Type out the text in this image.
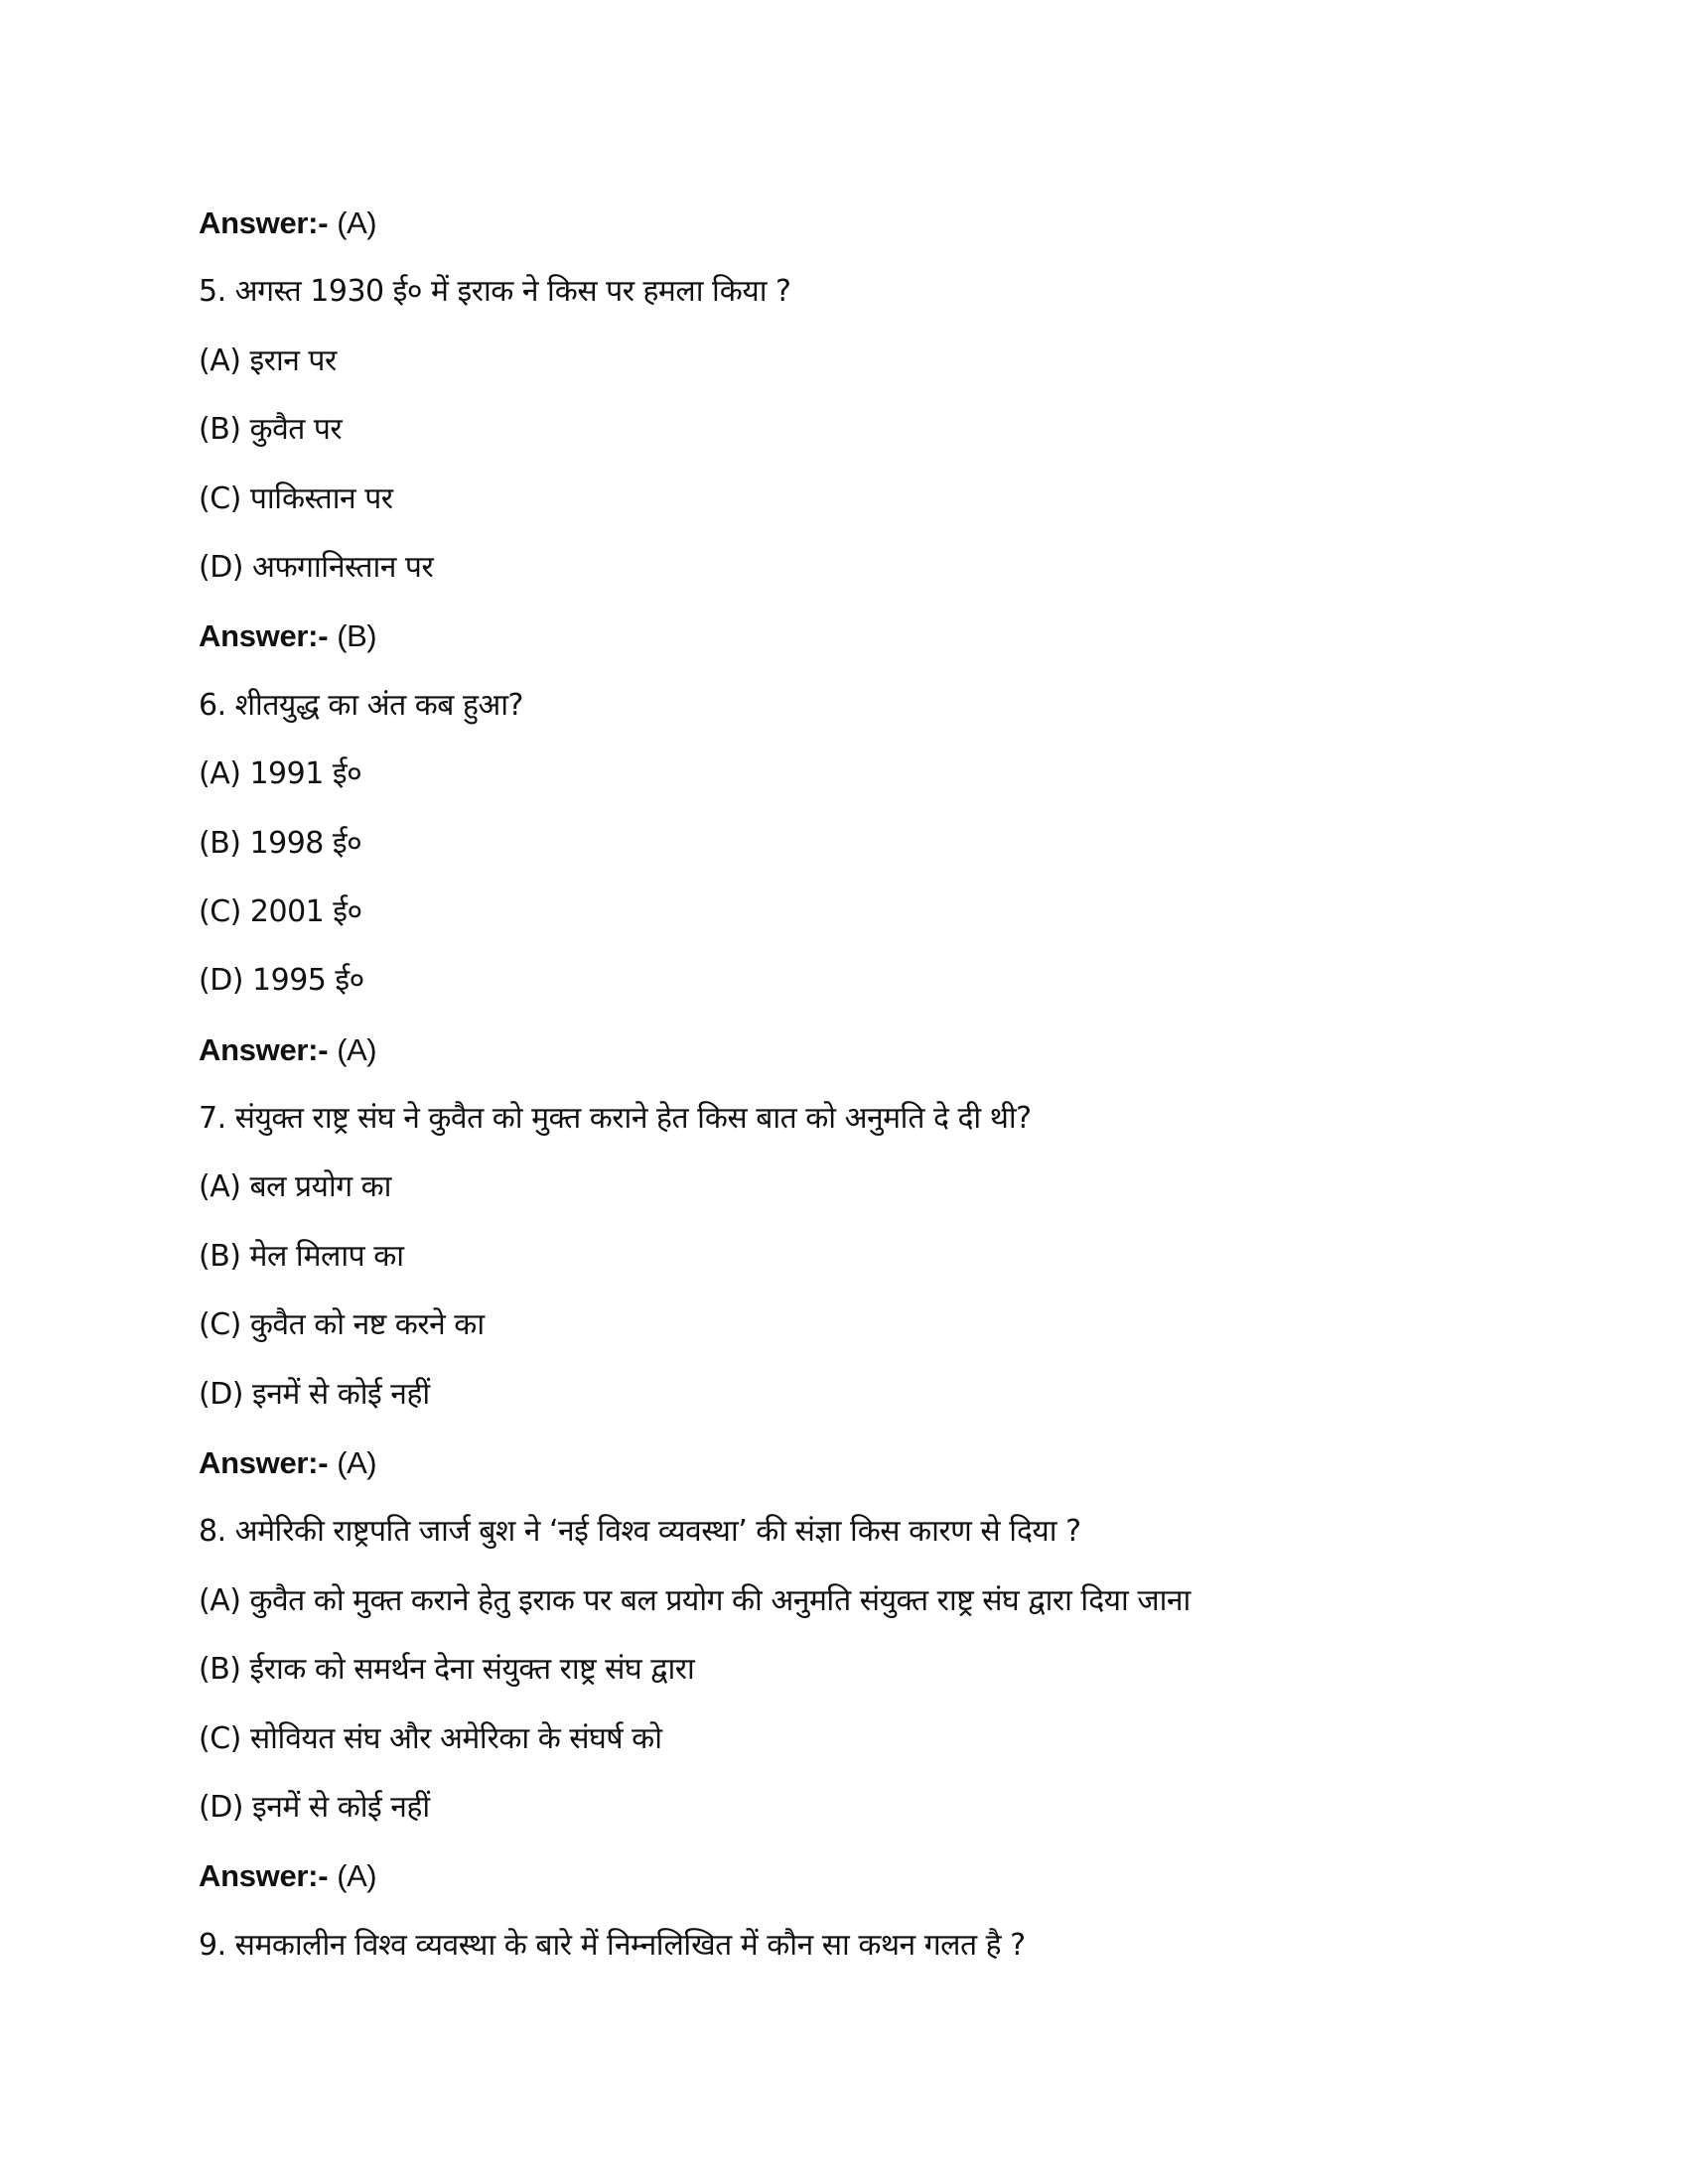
Answer:- (A)
5. अगस्त 1930 ई० में इराक ने किस पर हमला किया ?
(A) इरान पर
(B) कुवैत पर
(C) पाकिस्तान पर
(D) अफगानिस्तान पर
Answer:- (B)
6. शीतयुद्ध का अंत कब हुआ?
(A) 1991 ई०
(B) 1998 ई०
(C) 2001 ई०
(D) 1995 ई०
Answer:- (A)
7. संयुक्त राष्ट्र संघ ने कुवैत को मुक्त कराने हेत किस बात को अनुमति दे दी थी?
(A) बल प्रयोग का
(B) मेल मिलाप का
(C) कुवैत को नष्ट करने का
(D) इनमें से कोई नहीं
Answer:- (A)
8. अमेरिकी राष्ट्रपति जार्ज बुश ने ‘नई विश्व व्यवस्था’ की संज्ञा किस कारण से दिया ?
(A) कुवैत को मुक्त कराने हेतु इराक पर बल प्रयोग की अनुमति संयुक्त राष्ट्र संघ द्वारा दिया जाना
(B) ईराक को समर्थन देना संयुक्त राष्ट्र संघ द्वारा
(C) सोवियत संघ और अमेरिका के संघर्ष को
(D) इनमें से कोई नहीं
Answer:- (A)
9. समकालीन विश्व व्यवस्था के बारे में निम्नलिखित में कौन सा कथन गलत है ?
